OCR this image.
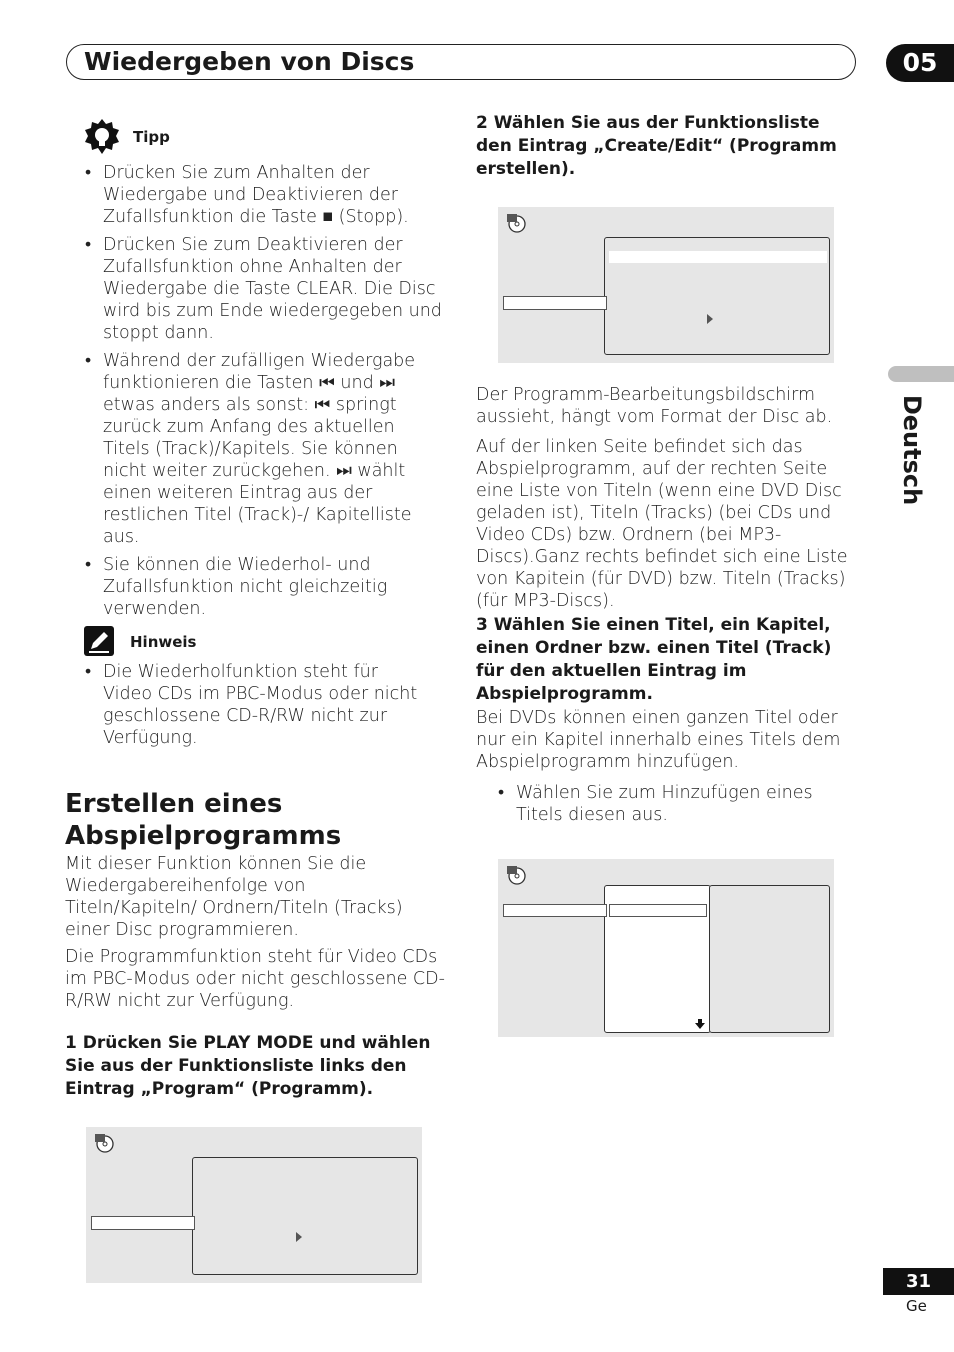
Wiedergeben von Discs	05
Deutsch
Tipp
• Drücken Sie zum Anhalten der Wiedergabe und Deaktivieren der Zufallsfunktion die Taste ■ (Stopp).
• Drücken Sie zum Deaktivieren der Zufallsfunktion ohne Anhalten der Wiedergabe die Taste CLEAR. Die Disc wird bis zum Ende wiedergegeben und stoppt dann.
• Während der zufälligen Wiedergabe funktionieren die Tasten ⏮ und ⏭ etwas anders als sonst: ⏮ springt zurück zum Anfang des aktuellen Titels (Track)/Kapitels. Sie können nicht weiter zurückgehen. ⏭ wählt einen weiteren Eintrag aus der restlichen Titel (Track)-/ Kapitelliste aus.
• Sie können die Wiederhol- und Zufallsfunktion nicht gleichzeitig verwenden.
Hinweis
• Die Wiederholfunktion steht für Video CDs im PBC-Modus oder nicht geschlossene CD-R/RW nicht zur Verfügung.
Erstellen eines Abspielprogramms
Mit dieser Funktion können Sie die Wiedergabereihenfolge von Titeln/Kapiteln/ Ordnern/Titeln (Tracks) einer Disc programmieren.
Die Programmfunktion steht für Video CDs im PBC-Modus oder nicht geschlossene CD-R/RW nicht zur Verfügung.
1 Drücken Sie PLAY MODE und wählen Sie aus der Funktionsliste links den Eintrag „Program“ (Programm).
2 Wählen Sie aus der Funktionsliste den Eintrag „Create/Edit“ (Programm erstellen).
Der Programm-Bearbeitungsbildschirm aussieht, hängt vom Format der Disc ab.
Auf der linken Seite befindet sich das Abspielprogramm, auf der rechten Seite eine Liste von Titeln (wenn eine DVD Disc geladen ist), Titeln (Tracks) (bei CDs und Video CDs) bzw. Ordnern (bei MP3-Discs).Ganz rechts befindet sich eine Liste von Kapitein (für DVD) bzw. Titeln (Tracks) (für MP3-Discs).
3 Wählen Sie einen Titel, ein Kapitel, einen Ordner bzw. einen Titel (Track) für den aktuellen Eintrag im Abspielprogramm.
Bei DVDs können einen ganzen Titel oder nur ein Kapitel innerhalb eines Titels dem Abspielprogramm hinzufügen.
• Wählen Sie zum Hinzufügen eines Titels diesen aus.
31
Ge
